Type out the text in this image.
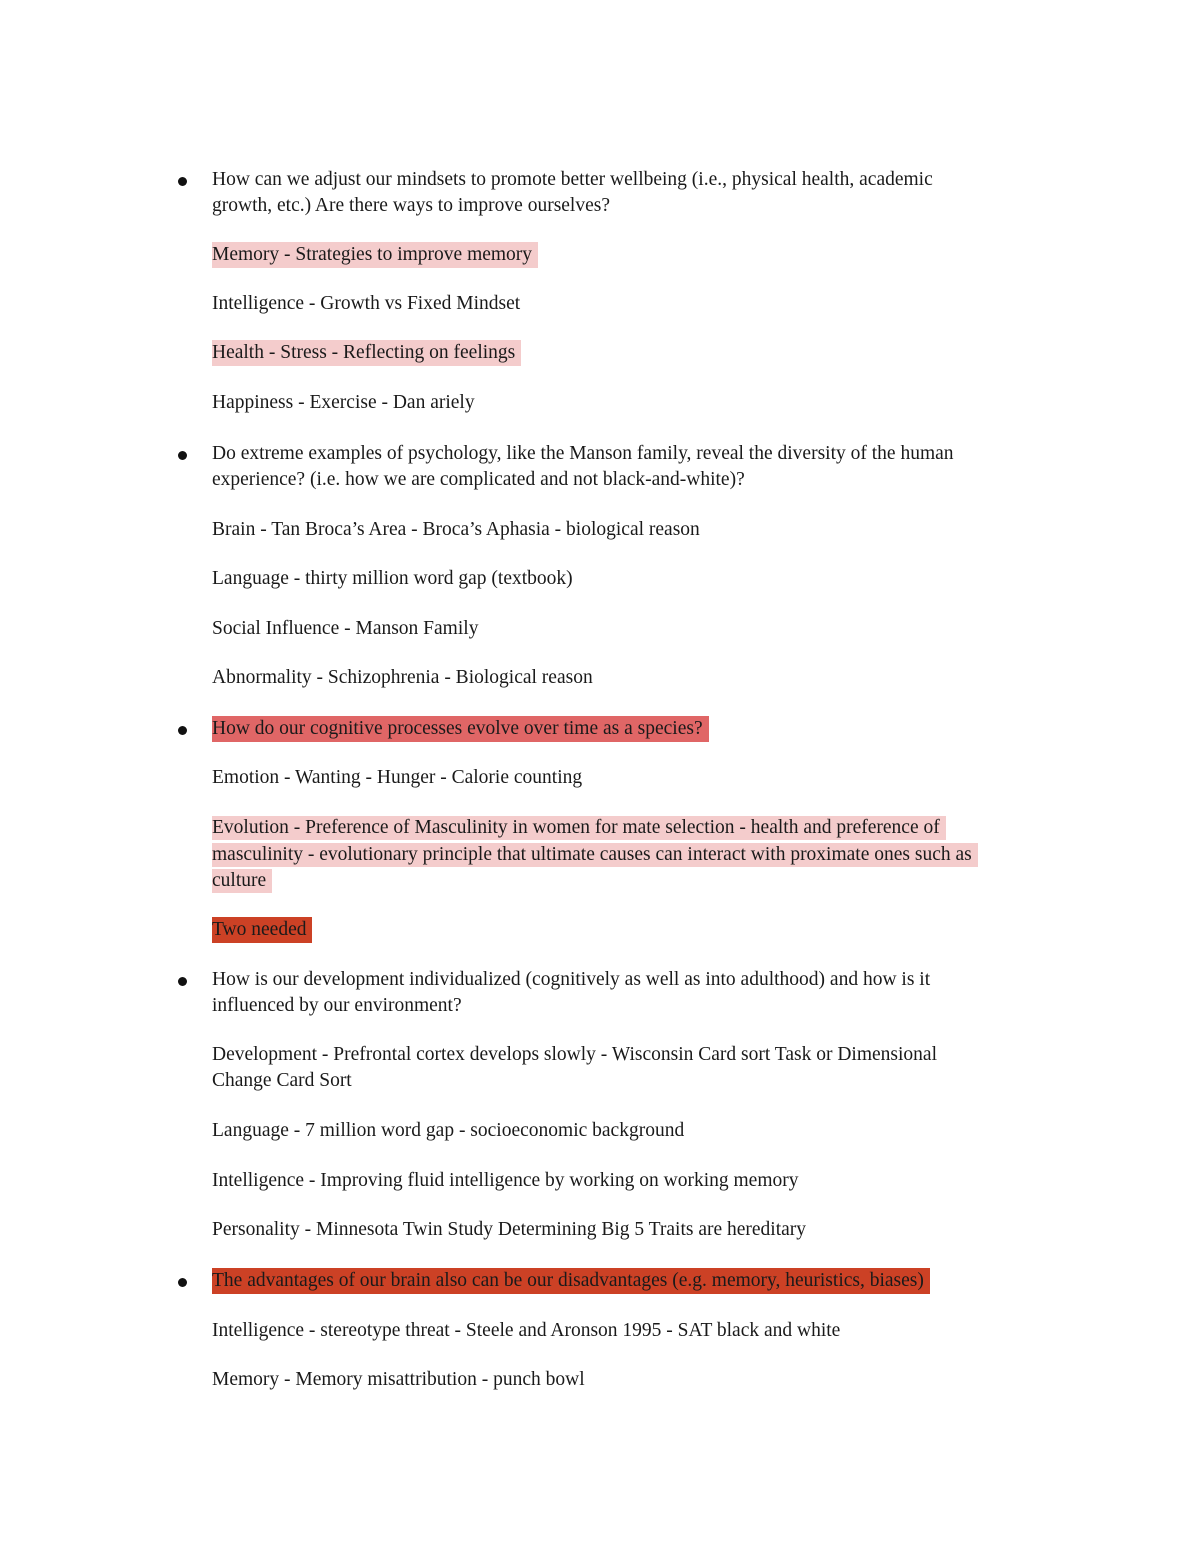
How can we adjust our mindsets to promote better wellbeing (i.e., physical health, academic
growth, etc.) Are there ways to improve ourselves?
Memory - Strategies to improve memory
Intelligence - Growth vs Fixed Mindset
Health - Stress - Reflecting on feelings
Happiness - Exercise - Dan ariely
Do extreme examples of psychology, like the Manson family, reveal the diversity of the human
experience? (i.e. how we are complicated and not black-and-white)?
Brain - Tan Broca’s Area - Broca’s Aphasia - biological reason
Language - thirty million word gap (textbook)
Social Influence - Manson Family
Abnormality - Schizophrenia - Biological reason
How do our cognitive processes evolve over time as a species?
Emotion - Wanting - Hunger - Calorie counting
Evolution - Preference of Masculinity in women for mate selection - health and preference of
masculinity - evolutionary principle that ultimate causes can interact with proximate ones such as
culture
Two needed
How is our development individualized (cognitively as well as into adulthood) and how is it
influenced by our environment?
Development - Prefrontal cortex develops slowly - Wisconsin Card sort Task or Dimensional
Change Card Sort
Language - 7 million word gap - socioeconomic background
Intelligence - Improving fluid intelligence by working on working memory
Personality - Minnesota Twin Study Determining Big 5 Traits are hereditary
The advantages of our brain also can be our disadvantages (e.g. memory, heuristics, biases)
Intelligence - stereotype threat - Steele and Aronson 1995 - SAT black and white
Memory - Memory misattribution - punch bowl
